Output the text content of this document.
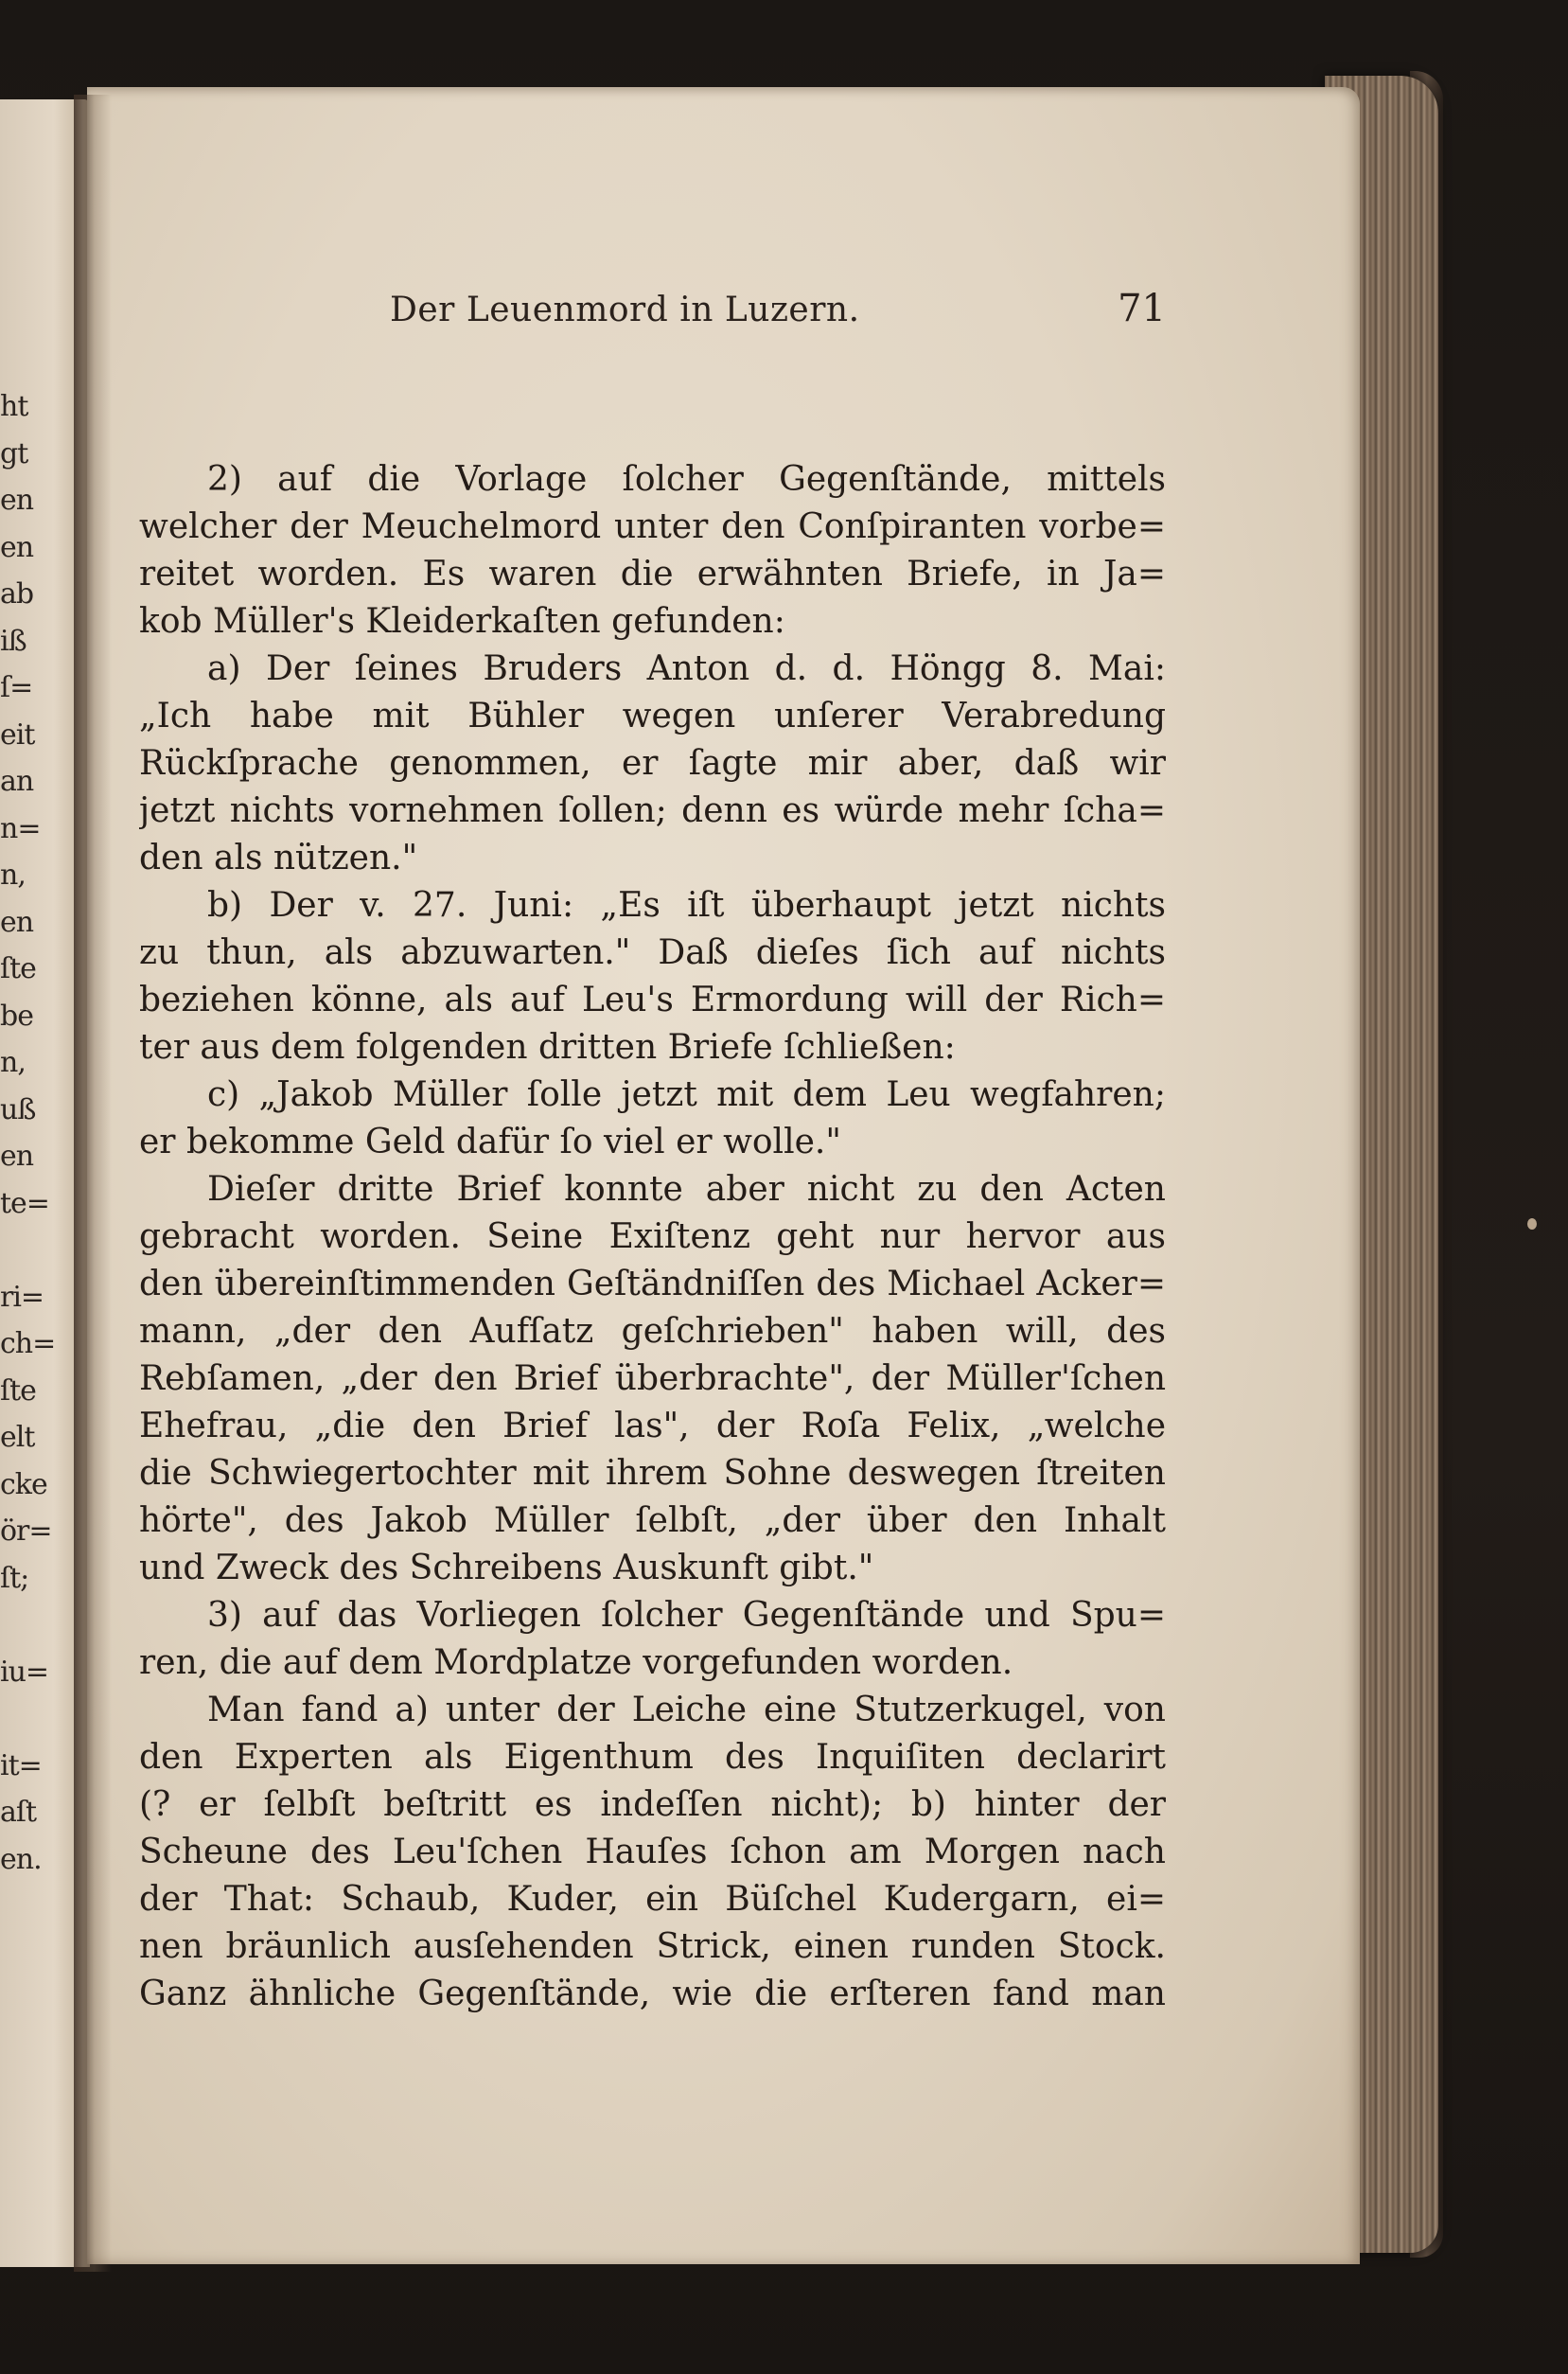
ht
gt
en
en
ab
iß
ſ=
eit
an
n=
n,
en
ſte
be
n,
uß
en
te=
ri=
ch=
ſte
elt
cke
ör=
ſt;
iu=
it=
aſt
en.
Der Leuenmord in Luzern.	71
2) auf die Vorlage ſolcher Gegenſtände, mittels
welcher der Meuchelmord unter den Conſpiranten vorbe=
reitet worden. Es waren die erwähnten Briefe, in Ja=
kob Müller's Kleiderkaſten gefunden:
a) Der ſeines Bruders Anton d. d. Höngg 8. Mai:
„Ich habe mit Bühler wegen unſerer Verabredung
Rückſprache genommen, er ſagte mir aber, daß wir
jetzt nichts vornehmen ſollen; denn es würde mehr ſcha=
den als nützen."
b) Der v. 27. Juni: „Es iſt überhaupt jetzt nichts
zu thun, als abzuwarten." Daß dieſes ſich auf nichts
beziehen könne, als auf Leu's Ermordung will der Rich=
ter aus dem folgenden dritten Briefe ſchließen:
c) „Jakob Müller ſolle jetzt mit dem Leu wegfahren;
er bekomme Geld dafür ſo viel er wolle."
Dieſer dritte Brief konnte aber nicht zu den Acten
gebracht worden. Seine Exiſtenz geht nur hervor aus
den übereinſtimmenden Geſtändniſſen des Michael Acker=
mann, „der den Aufſatz geſchrieben" haben will, des
Rebſamen, „der den Brief überbrachte", der Müller'ſchen
Ehefrau, „die den Brief las", der Roſa Felix, „welche
die Schwiegertochter mit ihrem Sohne deswegen ſtreiten
hörte", des Jakob Müller ſelbſt, „der über den Inhalt
und Zweck des Schreibens Auskunft gibt."
3) auf das Vorliegen ſolcher Gegenſtände und Spu=
ren, die auf dem Mordplatze vorgefunden worden.
Man fand a) unter der Leiche eine Stutzerkugel, von
den Experten als Eigenthum des Inquiſiten declarirt
(? er ſelbſt beſtritt es indeſſen nicht); b) hinter der
Scheune des Leu'ſchen Hauſes ſchon am Morgen nach
der That: Schaub, Kuder, ein Büſchel Kudergarn, ei=
nen bräunlich ausſehenden Strick, einen runden Stock.
Ganz ähnliche Gegenſtände, wie die erſteren fand man
